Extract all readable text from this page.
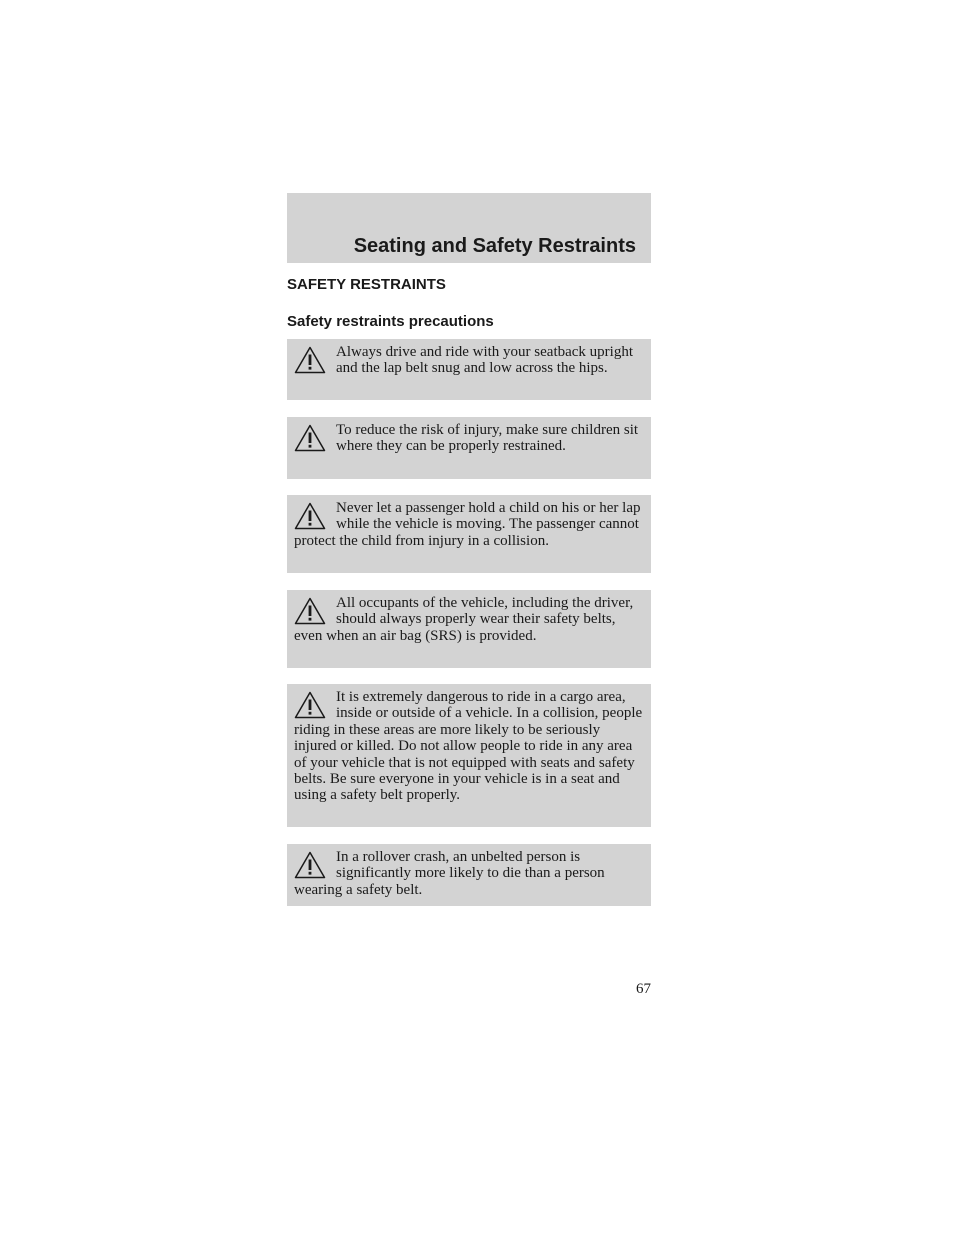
Seating and Safety Restraints
SAFETY RESTRAINTS
Safety restraints precautions
Always drive and ride with your seatback upright and the lap belt snug and low across the hips.
To reduce the risk of injury, make sure children sit where they can be properly restrained.
Never let a passenger hold a child on his or her lap while the vehicle is moving. The passenger cannot protect the child from injury in a collision.
All occupants of the vehicle, including the driver, should always properly wear their safety belts, even when an air bag (SRS) is provided.
It is extremely dangerous to ride in a cargo area, inside or outside of a vehicle. In a collision, people riding in these areas are more likely to be seriously injured or killed. Do not allow people to ride in any area of your vehicle that is not equipped with seats and safety belts. Be sure everyone in your vehicle is in a seat and using a safety belt properly.
In a rollover crash, an unbelted person is significantly more likely to die than a person wearing a safety belt.
67
